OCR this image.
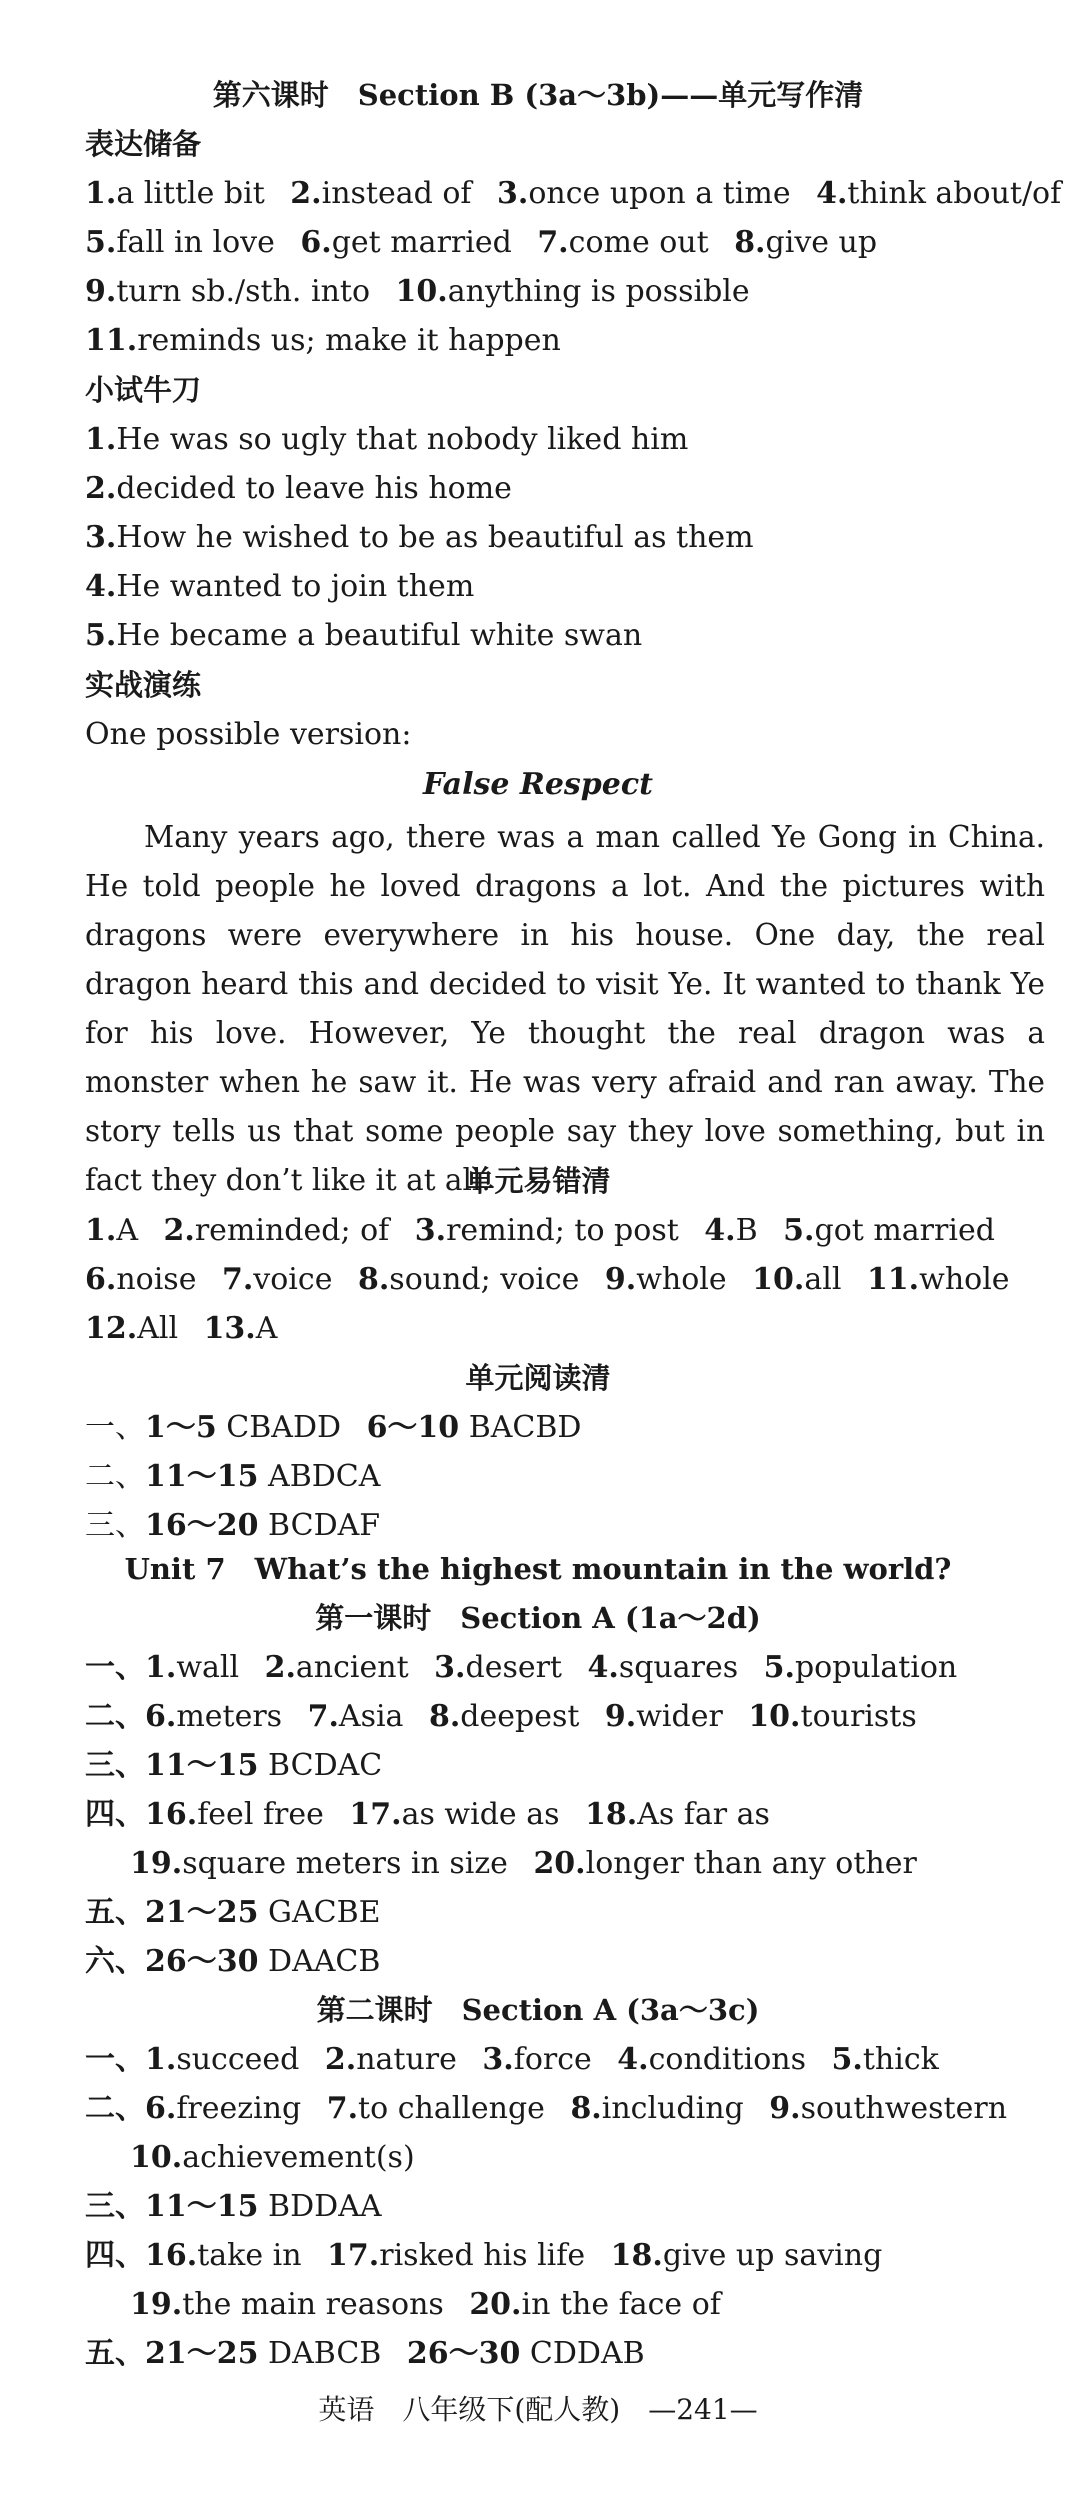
第六课时　Section B (3a～3b)——单元写作清
表达储备
1.a little bit 2.instead of 3.once upon a time 4.think about/of
5.fall in love 6.get married 7.come out 8.give up
9.turn sb./sth. into 10.anything is possible
11.reminds us; make it happen
小试牛刀
1.He was so ugly that nobody liked him
2.decided to leave his home
3.How he wished to be as beautiful as them
4.He wanted to join them
5.He became a beautiful white swan
实战演练
One possible version:
False Respect

Many years ago, there was a man called Ye Gong in China. He told people he loved dragons a lot. And the pictures with dragons were everywhere in his house. One day, the real dragon heard this and decided to visit Ye. It wanted to thank Ye for his love. However, Ye thought the real dragon was a monster when he saw it. He was very afraid and ran away. The story tells us that some people say they love something, but in fact they don’t like it at all.

单元易错清
1.A 2.reminded; of 3.remind; to post 4.B 5.got married
6.noise 7.voice 8.sound; voice 9.whole 10.all 11.whole
12.All 13.A
单元阅读清
一、1～5 CBADD 6～10 BACBD
二、11～15 ABDCA
三、16～20 BCDAF
Unit 7　What’s the highest mountain in the world?
第一课时　Section A (1a～2d)
一、1.wall 2.ancient 3.desert 4.squares 5.population
二、6.meters 7.Asia 8.deepest 9.wider 10.tourists
三、11～15 BCDAC
四、16.feel free 17.as wide as 18.As far as
19.square meters in size 20.longer than any other
五、21～25 GACBE
六、26～30 DAACB
第二课时　Section A (3a～3c)
一、1.succeed 2.nature 3.force 4.conditions 5.thick
二、6.freezing 7.to challenge 8.including 9.southwestern
10.achievement(s)
三、11～15 BDDAA
四、16.take in 17.risked his life 18.give up saving
19.the main reasons 20.in the face of
五、21～25 DABCB 26～30 CDDAB
英语　八年级下(配人教)　—241—
